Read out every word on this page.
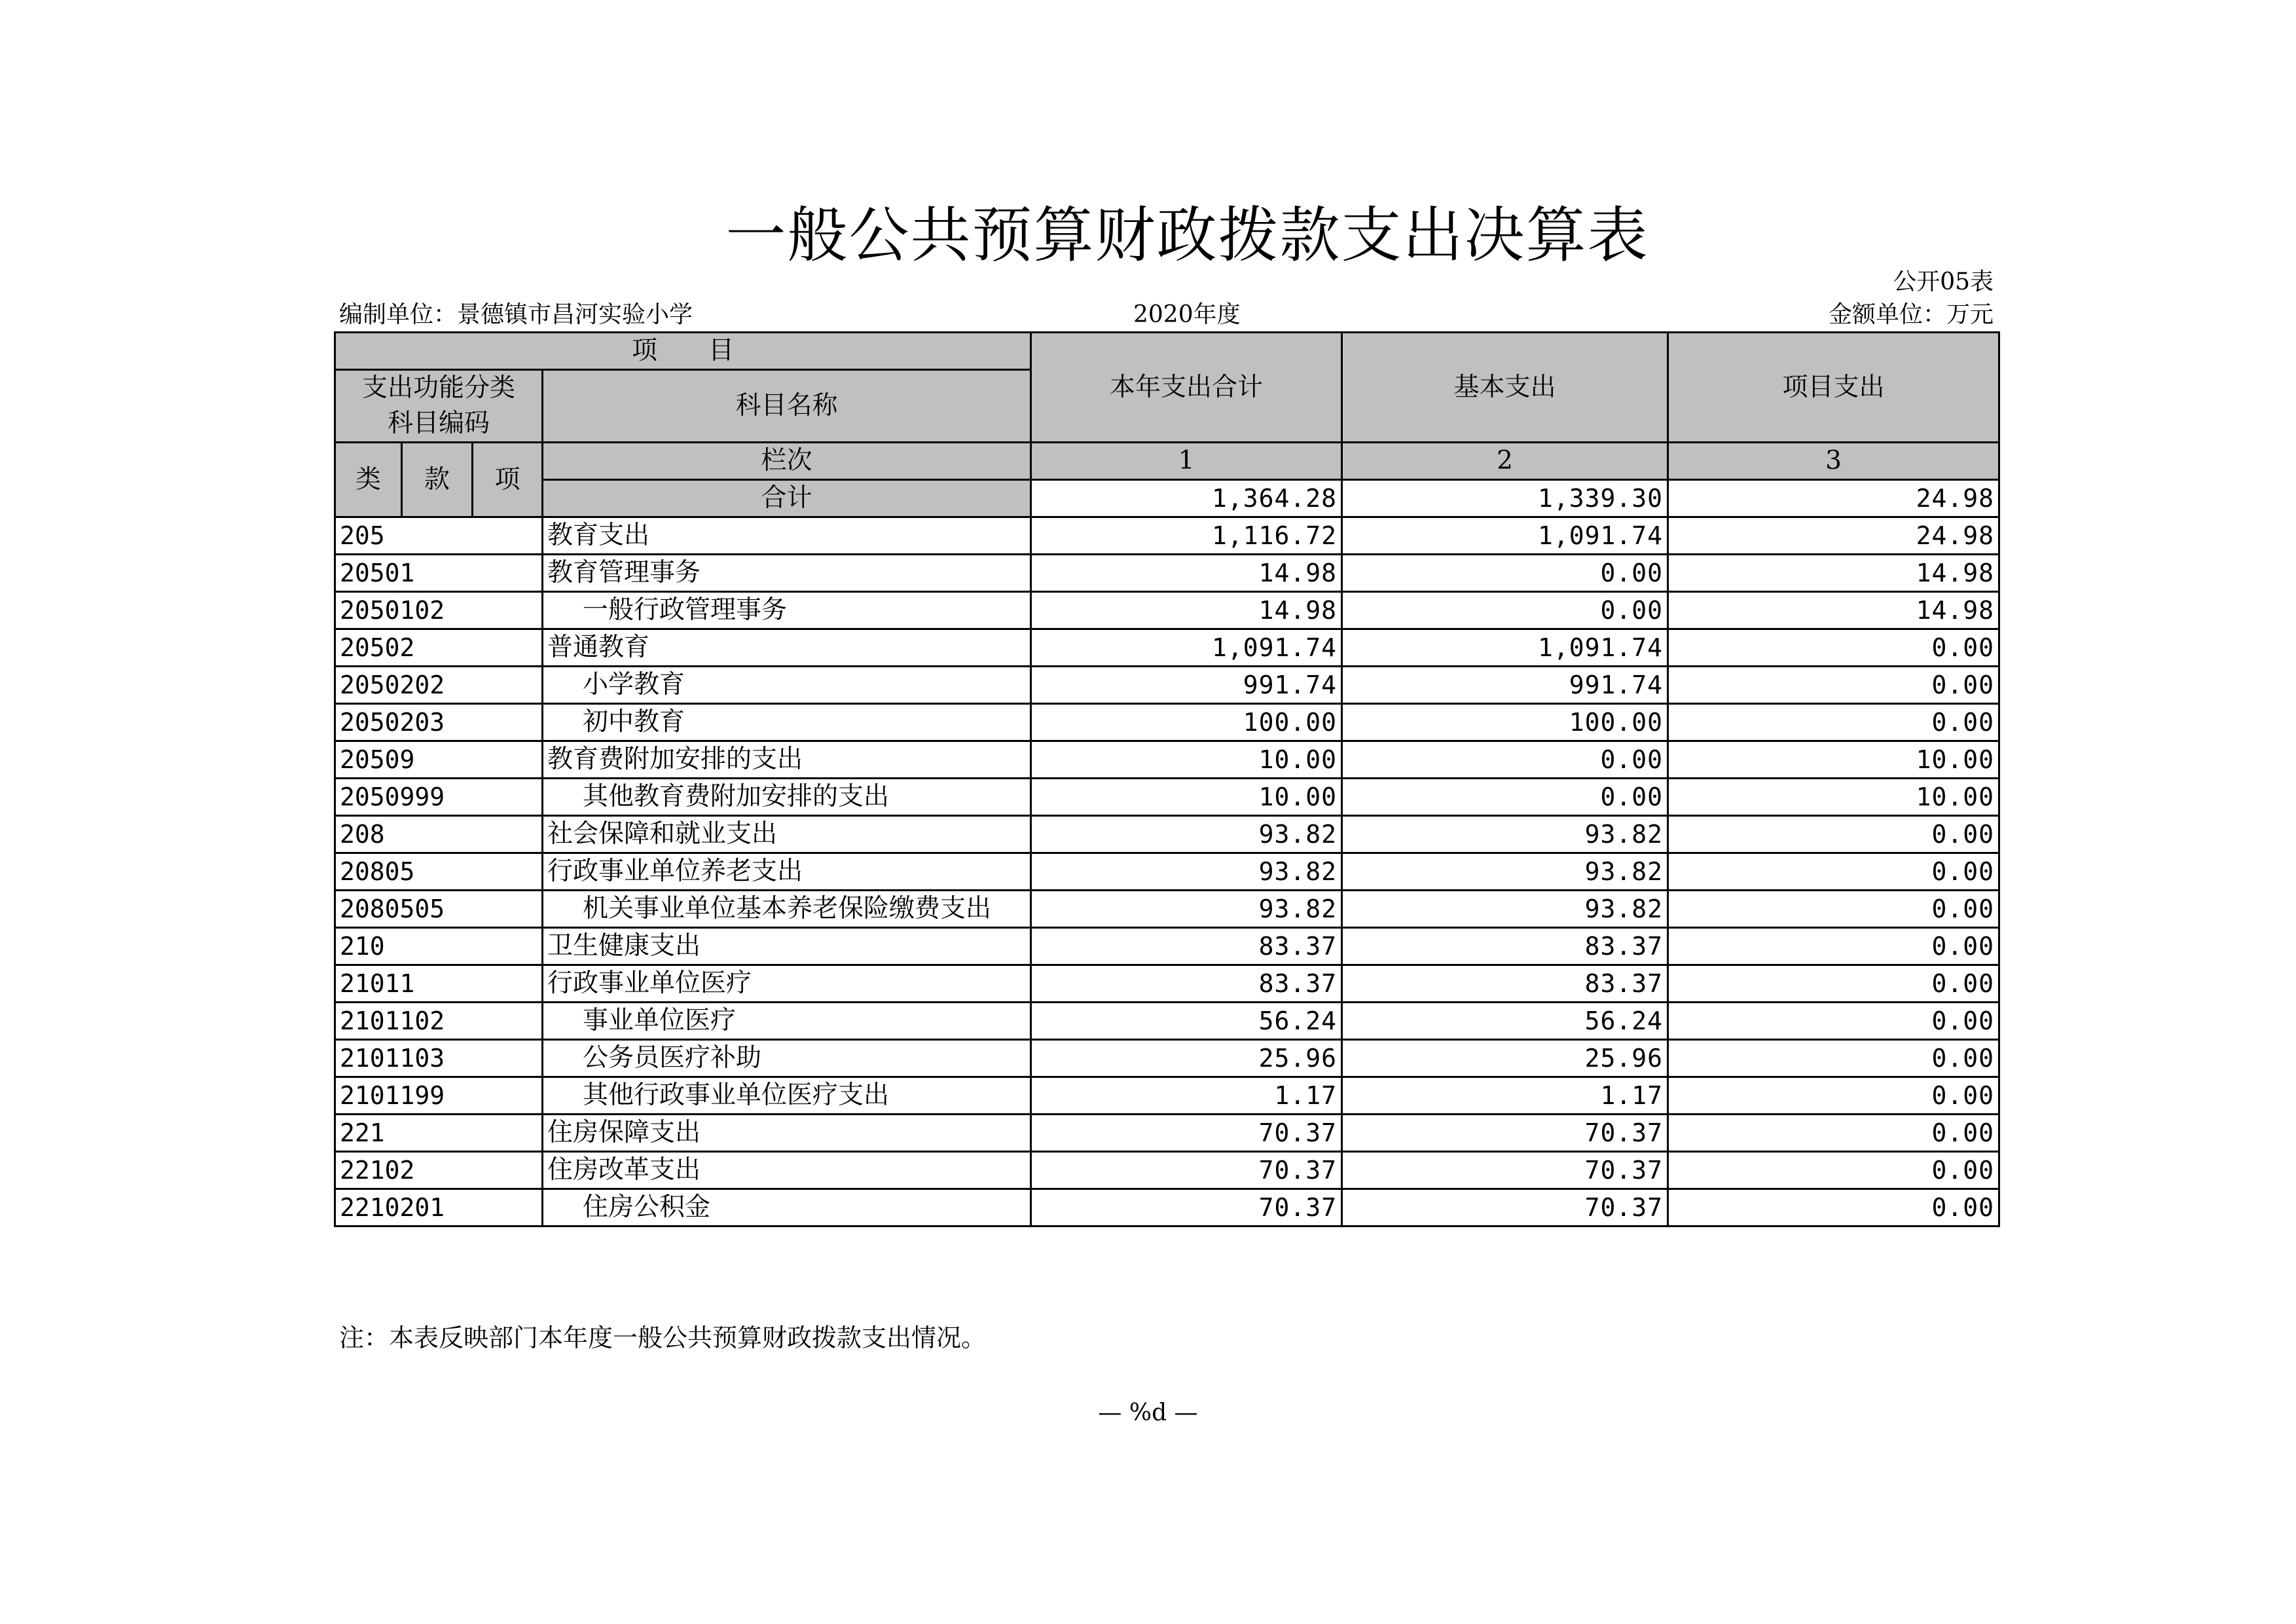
一般公共预算财政拨款支出决算表
公开05表
编制单位：景德镇市昌河实验小学	2020年度	金额单位：万元
项　　目				本年支出合计	基本支出	项目支出

支出功能分类
科目编码			科目名称			
类	款	项	栏次	1	2	3
			合计	1,364.28	1,339.30	24.98
205			教育支出	1,116.72	1,091.74	24.98
20501			教育管理事务	14.98	0.00	14.98
2050102			一般行政管理事务	14.98	0.00	14.98
20502			普通教育	1,091.74	1,091.74	0.00
2050202			小学教育	991.74	991.74	0.00
2050203			初中教育	100.00	100.00	0.00
20509			教育费附加安排的支出	10.00	0.00	10.00
2050999			其他教育费附加安排的支出	10.00	0.00	10.00
208			社会保障和就业支出	93.82	93.82	0.00
20805			行政事业单位养老支出	93.82	93.82	0.00
2080505			机关事业单位基本养老保险缴费支出	93.82	93.82	0.00
210			卫生健康支出	83.37	83.37	0.00
21011			行政事业单位医疗	83.37	83.37	0.00
2101102			事业单位医疗	56.24	56.24	0.00
2101103			公务员医疗补助	25.96	25.96	0.00
2101199			其他行政事业单位医疗支出	1.17	1.17	0.00
221			住房保障支出	70.37	70.37	0.00
22102			住房改革支出	70.37	70.37	0.00
2210201			住房公积金	70.37	70.37	0.00
注：本表反映部门本年度一般公共预算财政拨款支出情况。
— %d —
